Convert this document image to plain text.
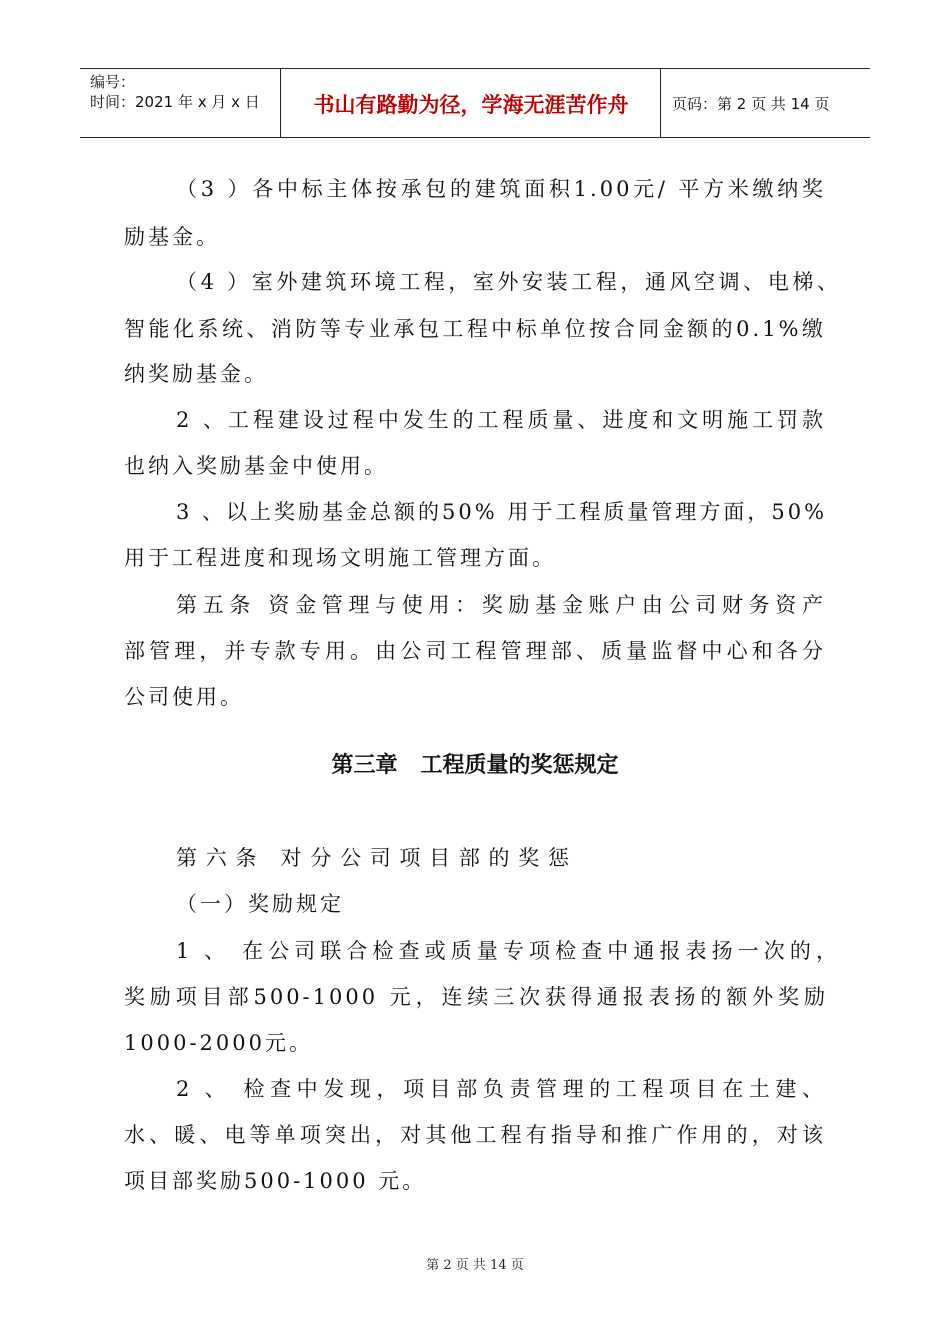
编号：
时间：2021 年 x 月 x 日	书山有路勤为径，学海无涯苦作舟	页码：第 2 页 共 14 页
（3 ）各中标主体按承包的建筑面积1.00元/ 平方米缴纳奖
励基金。
（4 ）室外建筑环境工程，室外安装工程，通风空调、电梯、
智能化系统、消防等专业承包工程中标单位按合同金额的0.1%缴
纳奖励基金。
2 、工程建设过程中发生的工程质量、进度和文明施工罚款
也纳入奖励基金中使用。
3 、以上奖励基金总额的50% 用于工程质量管理方面，50%
用于工程进度和现场文明施工管理方面。
第五条 资金管理与使用：奖励基金账户由公司财务资产
部管理，并专款专用。由公司工程管理部、质量监督中心和各分
公司使用。
第三章   工程质量的奖惩规定
第六条 对分公司项目部的奖惩
（一）奖励规定
1 、 在公司联合检查或质量专项检查中通报表扬一次的，
奖励项目部500-1000 元，连续三次获得通报表扬的额外奖励
1000-2000元。
2 、 检查中发现，项目部负责管理的工程项目在土建、
水、暖、电等单项突出，对其他工程有指导和推广作用的，对该
项目部奖励500-1000 元。
第 2 页 共 14 页
